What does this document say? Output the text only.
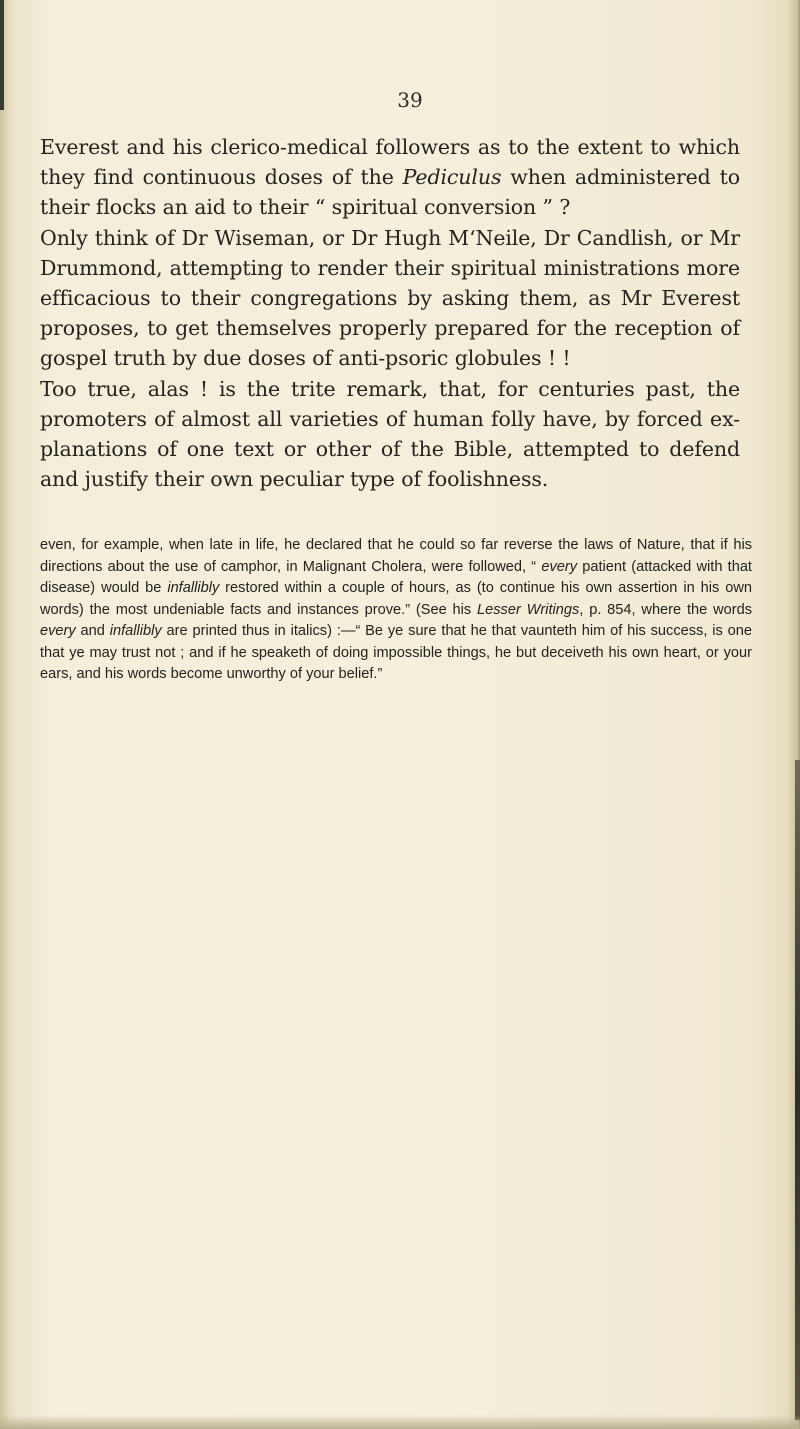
39

Everest and his clerico-medical followers as to the extent to which they find continuous doses of the Pediculus when administered to their flocks an aid to their “ spiritual conversion ” ?

Only think of Dr Wiseman, or Dr Hugh M‘Neile, Dr Candlish, or Mr Drummond, attempting to render their spiritual ministrations more efficacious to their congregations by asking them, as Mr Everest proposes, to get themselves properly prepared for the reception of gospel truth by due doses of anti-psoric globules ! !

Too true, alas ! is the trite remark, that, for centuries past, the promoters of almost all varieties of human folly have, by forced ex- planations of one text or other of the Bible, attempted to defend and justify their own peculiar type of foolishness.

even, for example, when late in life, he declared that he could so far reverse the laws of Nature, that if his directions about the use of camphor, in Malignant Cholera, were followed, “ every patient (attacked with that disease) would be infallibly restored within a couple of hours, as (to continue his own assertion in his own words) the most undeniable facts and instances prove.” (See his Lesser Writings, p. 854, where the words every and infallibly are printed thus in italics) :—“ Be ye sure that he that vaunteth him of his success, is one that ye may trust not ; and if he speaketh of doing impossible things, he but deceiveth his own heart, or your ears, and his words become unworthy of your belief.”
